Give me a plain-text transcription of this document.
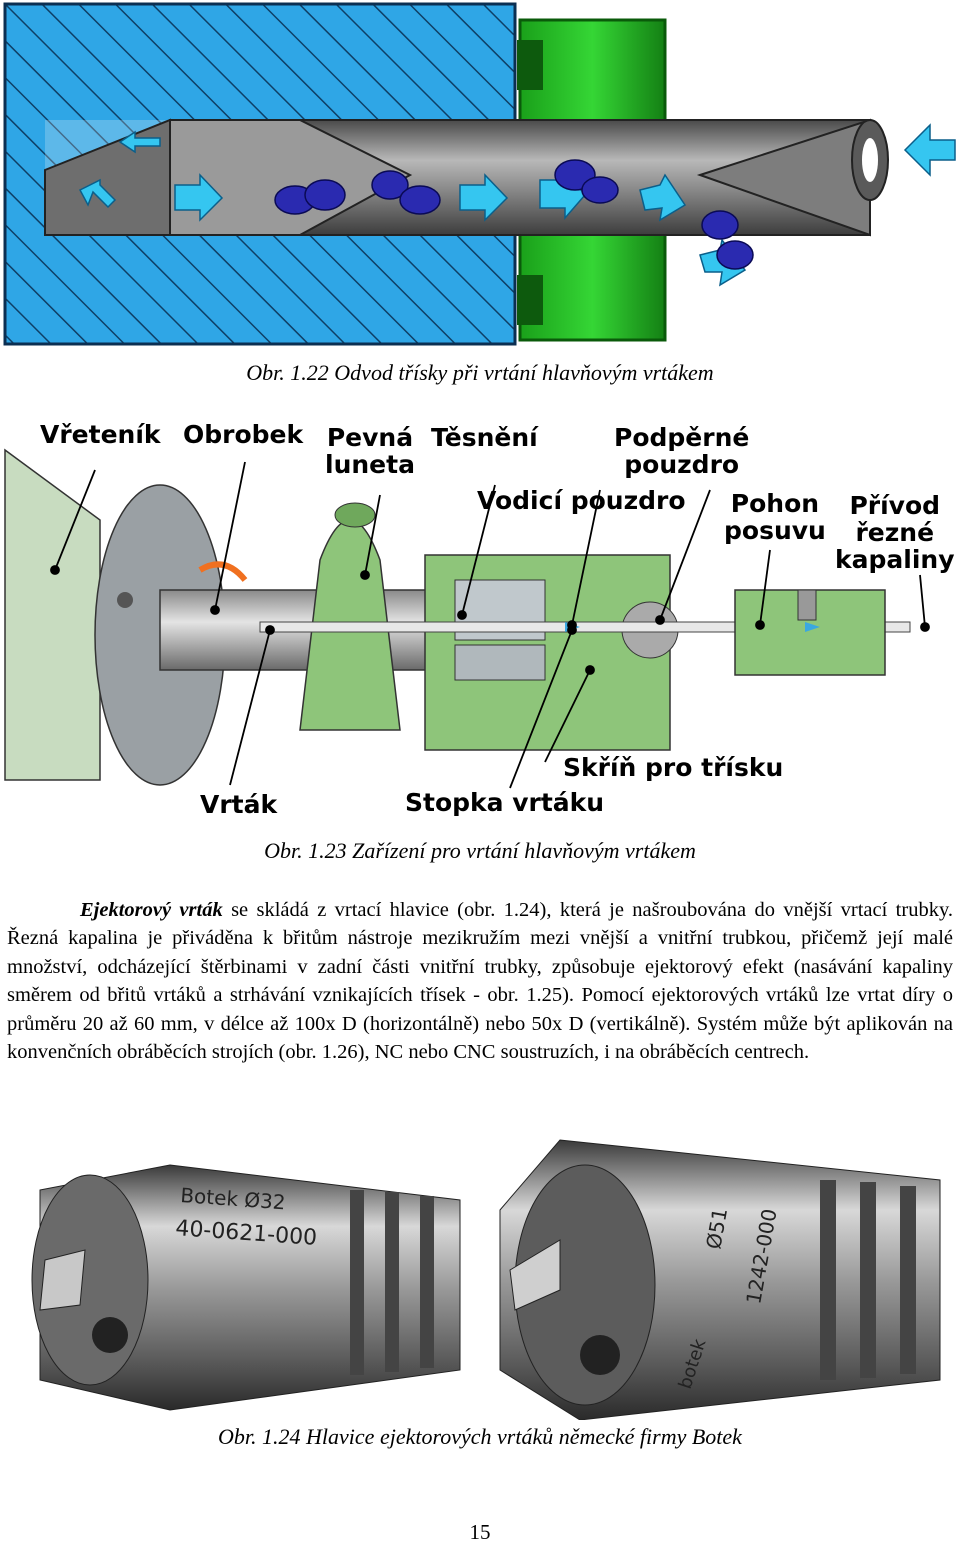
Obr. 1.22 Odvod třísky při vrtání hlavňovým vrtákem

Vřeteník Obrobek Pevná
luneta
Těsnění	Podpěrné
pouzdro
Vodicí pouzdro Pohon
posuvu
Přívod
řezné
kapaliny
Skříň pro třísku
Vrták	Stopka vrtáku

Obr. 1.23 Zařízení pro vrtání hlavňovým vrtákem

Ejektorový vrták se skládá z vrtací hlavice (obr. 1.24), která je našroubována do vnější vrtací trubky. Řezná kapalina je přiváděna k břitům nástroje mezikružím mezi vnější a vnitřní trubkou, přičemž její malé množství, odcházející štěrbinami v zadní části vnitřní trubky, způsobuje ejektorový efekt (nasávání kapaliny směrem od břitů vrtáků a strhávání vznikajících třísek - obr. 1.25). Pomocí ejektorových vrtáků lze vrtat díry o průměru 20 až 60 mm, v délce až 100x D (horizontálně) nebo 50x D (vertikálně). Systém může být aplikován na konvenčních obráběcích strojích (obr. 1.26), NC nebo CNC soustruzích, i na obráběcích centrech.

Botek Ø32
40-0621-000	Ø51 1242-000
botek

Obr. 1.24 Hlavice ejektorových vrtáků německé firmy Botek

15
